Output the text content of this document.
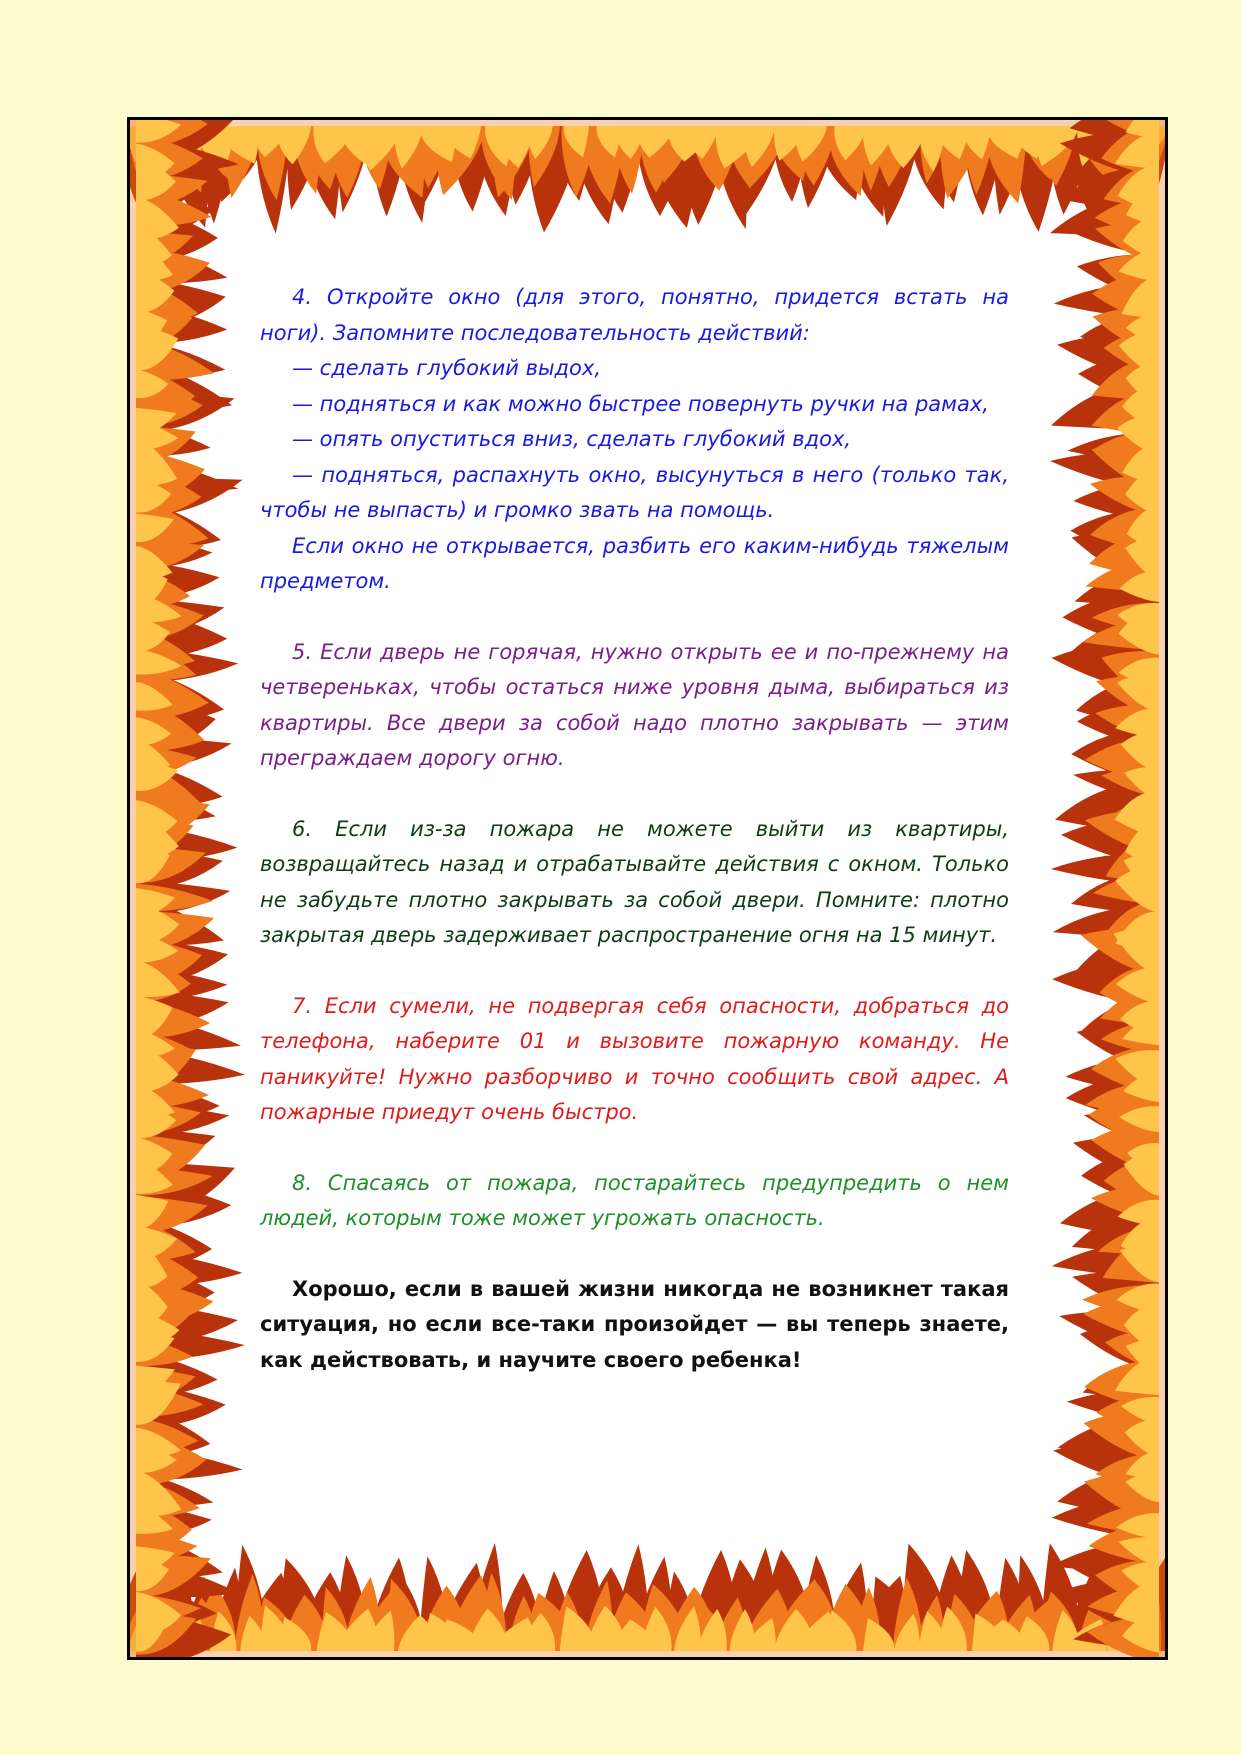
4. Откройте окно (для этого, понятно, придется встать на ноги). Запомните последовательность действий:

— сделать глубокий выдох,

— подняться и как можно быстрее повернуть ручки на рамах,

— опять опуститься вниз, сделать глубокий вдох,

— подняться, распахнуть окно, высунуться в него (только так, чтобы не выпасть) и громко звать на помощь.

Если окно не открывается, разбить его каким-нибудь тяжелым предметом.

5. Если дверь не горячая, нужно открыть ее и по-прежнему на четвереньках, чтобы остаться ниже уровня дыма, выбираться из квартиры. Все двери за собой надо плотно закрывать — этим преграждаем дорогу огню.

6. Если из-за пожара не можете выйти из квартиры, возвращайтесь назад и отрабатывайте действия с окном. Только не забудьте плотно закрывать за собой двери. Помните: плотно закрытая дверь задерживает распространение огня на 15 минут.

7. Если сумели, не подвергая себя опасности, добраться до телефона, наберите 01 и вызовите пожарную команду. Не паникуйте! Нужно разборчиво и точно сообщить свой адрес. А пожарные приедут очень быстро.

8. Спасаясь от пожара, постарайтесь предупредить о нем людей, которым тоже может угрожать опасность.

Хорошо, если в вашей жизни никогда не возникнет такая ситуация, но если все-таки произойдет — вы теперь знаете, как действовать, и научите своего ребенка!
